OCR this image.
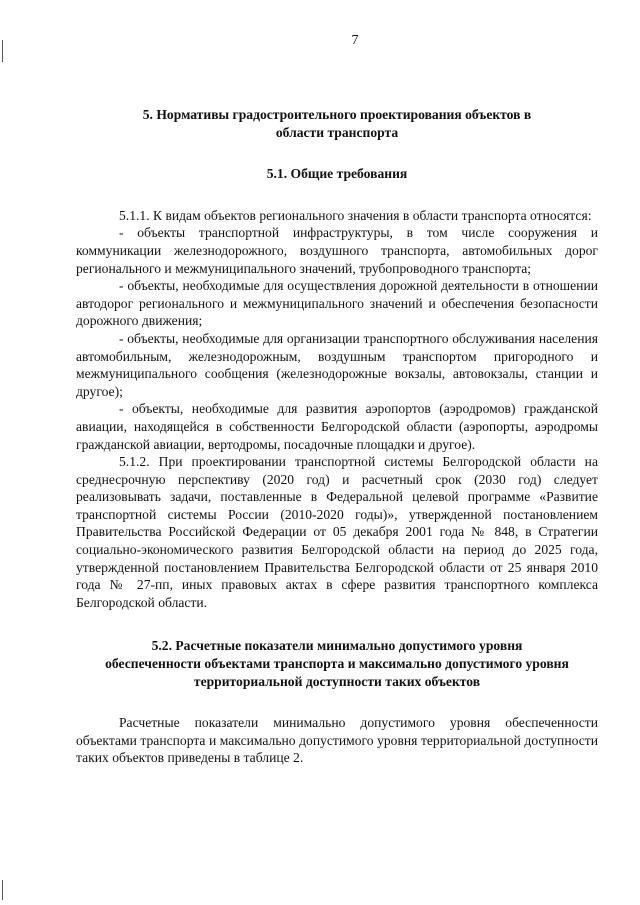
7
5. Нормативы градостроительного проектирования объектов в
области транспорта
5.1. Общие требования

5.1.1. К видам объектов регионального значения в области транспорта относятся:

- объекты транспортной инфраструктуры, в том числе сооружения и коммуникации железнодорожного, воздушного транспорта, автомобильных дорог регионального и межмуниципального значений, трубопроводного транспорта;

- объекты, необходимые для осуществления дорожной деятельности в отношении автодорог регионального и межмуниципального значений и обеспечения безопасности дорожного движения;

- объекты, необходимые для организации транспортного обслуживания населения автомобильным, железнодорожным, воздушным транспортом пригородного и межмуниципального сообщения (железнодорожные вокзалы, автовокзалы, станции и другое);

- объекты, необходимые для развития аэропортов (аэродромов) гражданской авиации, находящейся в собственности Белгородской области (аэропорты, аэродромы гражданской авиации, вертодромы, посадочные площадки и другое).

5.1.2. При проектировании транспортной системы Белгородской области на среднесрочную перспективу (2020 год) и расчетный срок (2030 год) следует реализовывать задачи, поставленные в Федеральной целевой программе «Развитие транспортной системы России (2010-2020 годы)», утвержденной постановлением Правительства Российской Федерации от 05 декабря 2001 года № 848, в Стратегии социально-экономического развития Белгородской области на период до 2025 года, утвержденной постановлением Правительства Белгородской области от 25 января 2010 года № 27-пп, иных правовых актах в сфере развития транспортного комплекса Белгородской области.

5.2. Расчетные показатели минимально допустимого уровня
обеспеченности объектами транспорта и максимально допустимого уровня
территориальной доступности таких объектов

Расчетные показатели минимально допустимого уровня обеспеченности объектами транспорта и максимально допустимого уровня территориальной доступности таких объектов приведены в таблице 2.
